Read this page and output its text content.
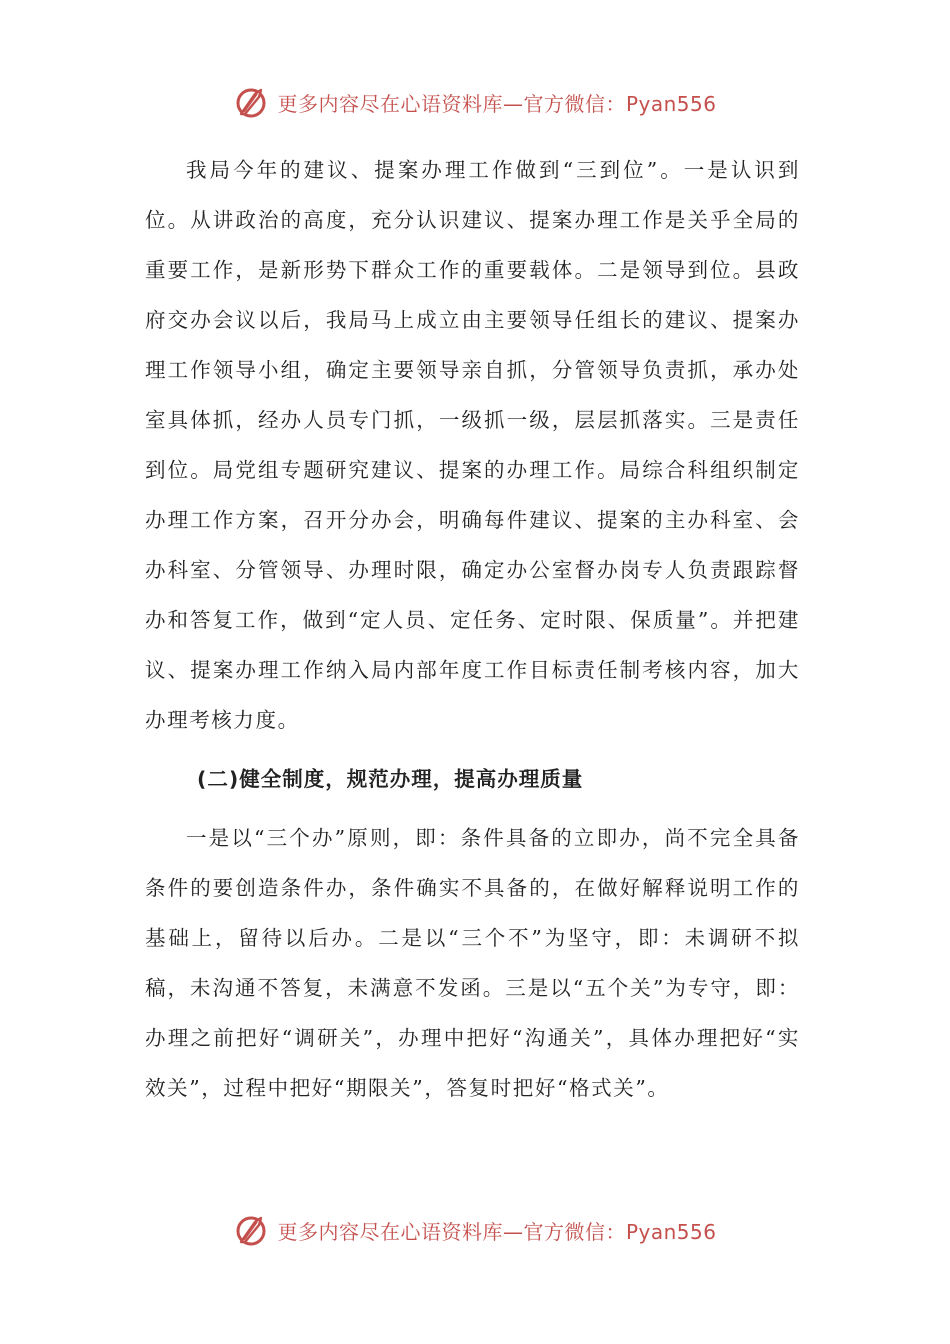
更多内容尽在心语资料库—官方微信：Pyan556

我局今年的建议、提案办理工作做到“三到位”。一是认识到位。从讲政治的高度，充分认识建议、提案办理工作是关乎全局的重要工作，是新形势下群众工作的重要载体。二是领导到位。县政府交办会议以后，我局马上成立由主要领导任组长的建议、提案办理工作领导小组，确定主要领导亲自抓，分管领导负责抓，承办处室具体抓，经办人员专门抓，一级抓一级，层层抓落实。三是责任到位。局党组专题研究建议、提案的办理工作。局综合科组织制定办理工作方案，召开分办会，明确每件建议、提案的主办科室、会办科室、分管领导、办理时限，确定办公室督办岗专人负责跟踪督办和答复工作，做到“定人员、定任务、定时限、保质量”。并把建议、提案办理工作纳入局内部年度工作目标责任制考核内容，加大办理考核力度。

(二)健全制度，规范办理，提高办理质量

一是以“三个办”原则，即：条件具备的立即办，尚不完全具备条件的要创造条件办，条件确实不具备的，在做好解释说明工作的基础上，留待以后办。二是以“三个不”为坚守，即：未调研不拟稿，未沟通不答复，未满意不发函。三是以“五个关”为专守，即：办理之前把好“调研关”，办理中把好“沟通关”，具体办理把好“实效关”，过程中把好“期限关”，答复时把好“格式关”。

更多内容尽在心语资料库—官方微信：Pyan556
